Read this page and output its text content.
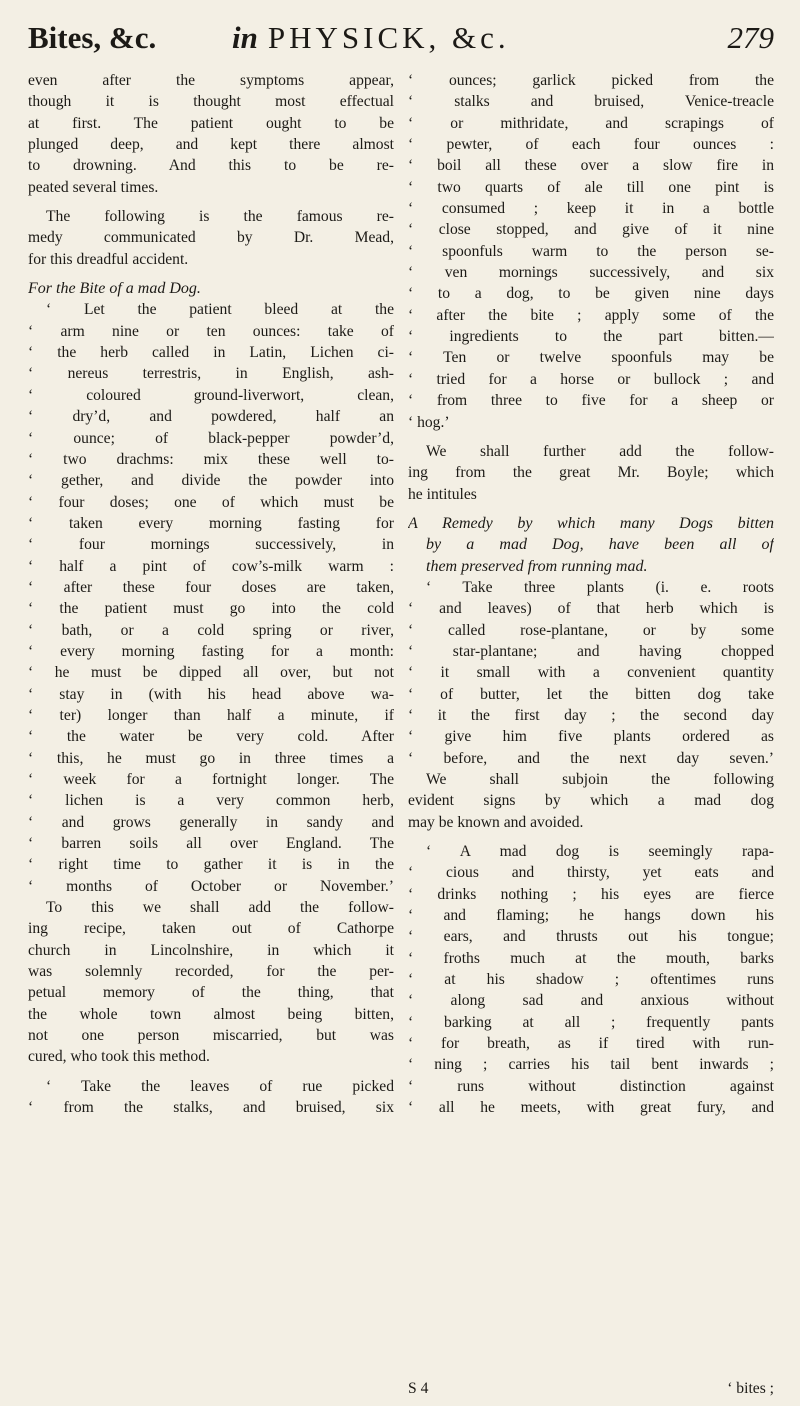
Bites, &c. in PHYSICK, &c.	279
even after the symptoms appear,
though it is thought most effectual
at first. The patient ought to be
plunged deep, and kept there almost
to drowning. And this to be re-
peated several times.
The following is the famous re-
medy communicated by Dr. Mead,
for this dreadful accident.
For the Bite of a mad Dog.
‘ Let the patient bleed at the
‘ arm nine or ten ounces: take of
‘ the herb called in Latin, Lichen ci-
‘ nereus terrestris, in English, ash-
‘ coloured ground-liverwort, clean,
‘ dry’d, and powdered, half an
‘ ounce; of black-pepper powder’d,
‘ two drachms: mix these well to-
‘ gether, and divide the powder into
‘ four doses; one of which must be
‘ taken every morning fasting for
‘ four mornings successively, in
‘ half a pint of cow’s-milk warm :
‘ after these four doses are taken,
‘ the patient must go into the cold
‘ bath, or a cold spring or river,
‘ every morning fasting for a month:
‘ he must be dipped all over, but not
‘ stay in (with his head above wa-
‘ ter) longer than half a minute, if
‘ the water be very cold. After
‘ this, he must go in three times a
‘ week for a fortnight longer. The
‘ lichen is a very common herb,
‘ and grows generally in sandy and
‘ barren soils all over England. The
‘ right time to gather it is in the
‘ months of October or November.’
To this we shall add the follow-
ing recipe, taken out of Cathorpe
church in Lincolnshire, in which it
was solemnly recorded, for the per-
petual memory of the thing, that
the whole town almost being bitten,
not one person miscarried, but was
cured, who took this method.
‘ Take the leaves of rue picked
‘ from the stalks, and bruised, six
‘ ounces; garlick picked from the
‘ stalks and bruised, Venice-treacle
‘ or mithridate, and scrapings of
‘ pewter, of each four ounces :
‘ boil all these over a slow fire in
‘ two quarts of ale till one pint is
‘ consumed ; keep it in a bottle
‘ close stopped, and give of it nine
‘ spoonfuls warm to the person se-
‘ ven mornings successively, and six
‘ to a dog, to be given nine days
‘ after the bite ; apply some of the
‘ ingredients to the part bitten.—
‘ Ten or twelve spoonfuls may be
‘ tried for a horse or bullock ; and
‘ from three to five for a sheep or
‘ hog.’
We shall further add the follow-
ing from the great Mr. Boyle; which
he intitules
A Remedy by which many Dogs bitten
by a mad Dog, have been all of
them preserved from running mad.
‘ Take three plants (i. e. roots
‘ and leaves) of that herb which is
‘ called rose-plantane, or by some
‘ star-plantane; and having chopped
‘ it small with a convenient quantity
‘ of butter, let the bitten dog take
‘ it the first day ; the second day
‘ give him five plants ordered as
‘ before, and the next day seven.’
We shall subjoin the following
evident signs by which a mad dog
may be known and avoided.
‘ A mad dog is seemingly rapa-
‘ cious and thirsty, yet eats and
‘ drinks nothing ; his eyes are fierce
‘ and flaming; he hangs down his
‘ ears, and thrusts out his tongue;
‘ froths much at the mouth, barks
‘ at his shadow ; oftentimes runs
‘ along sad and anxious without
‘ barking at all ; frequently pants
‘ for breath, as if tired with run-
‘ ning ; carries his tail bent inwards ;
‘ runs without distinction against
‘ all he meets, with great fury, and
S 4	‘ bites ;
